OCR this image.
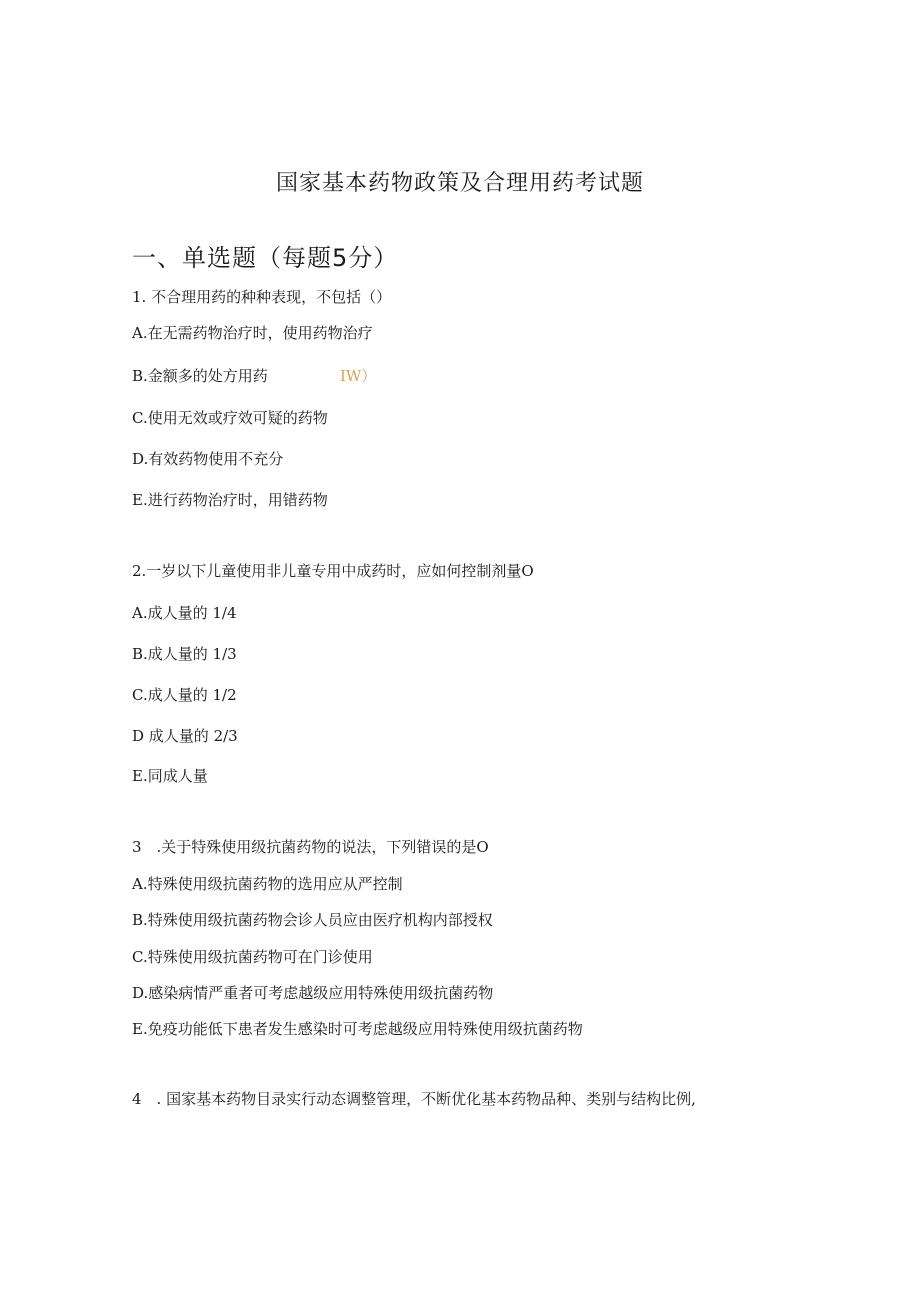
国家基本药物政策及合理用药考试题
一、单选题（每题5分）
1. 不合理用药的种种表现，不包括（）
A.在无需药物治疗时，使用药物治疗
B.金额多的处方用药	IW）
C.使用无效或疗效可疑的药物
D.有效药物使用不充分
E.进行药物治疗时，用错药物
2.一岁以下儿童使用非儿童专用中成药时，应如何控制剂量O
A.成人量的 1/4
B.成人量的 1/3
C.成人量的 1/2
D 成人量的 2/3
E.同成人量
3　.关于特殊使用级抗菌药物的说法，下列错误的是O
A.特殊使用级抗菌药物的选用应从严控制
B.特殊使用级抗菌药物会诊人员应由医疗机构内部授权
C.特殊使用级抗菌药物可在门诊使用
D.感染病情严重者可考虑越级应用特殊使用级抗菌药物
E.免疫功能低下患者发生感染时可考虑越级应用特殊使用级抗菌药物
4　. 国家基本药物目录实行动态调整管理，不断优化基本药物品种、类别与结构比例,
